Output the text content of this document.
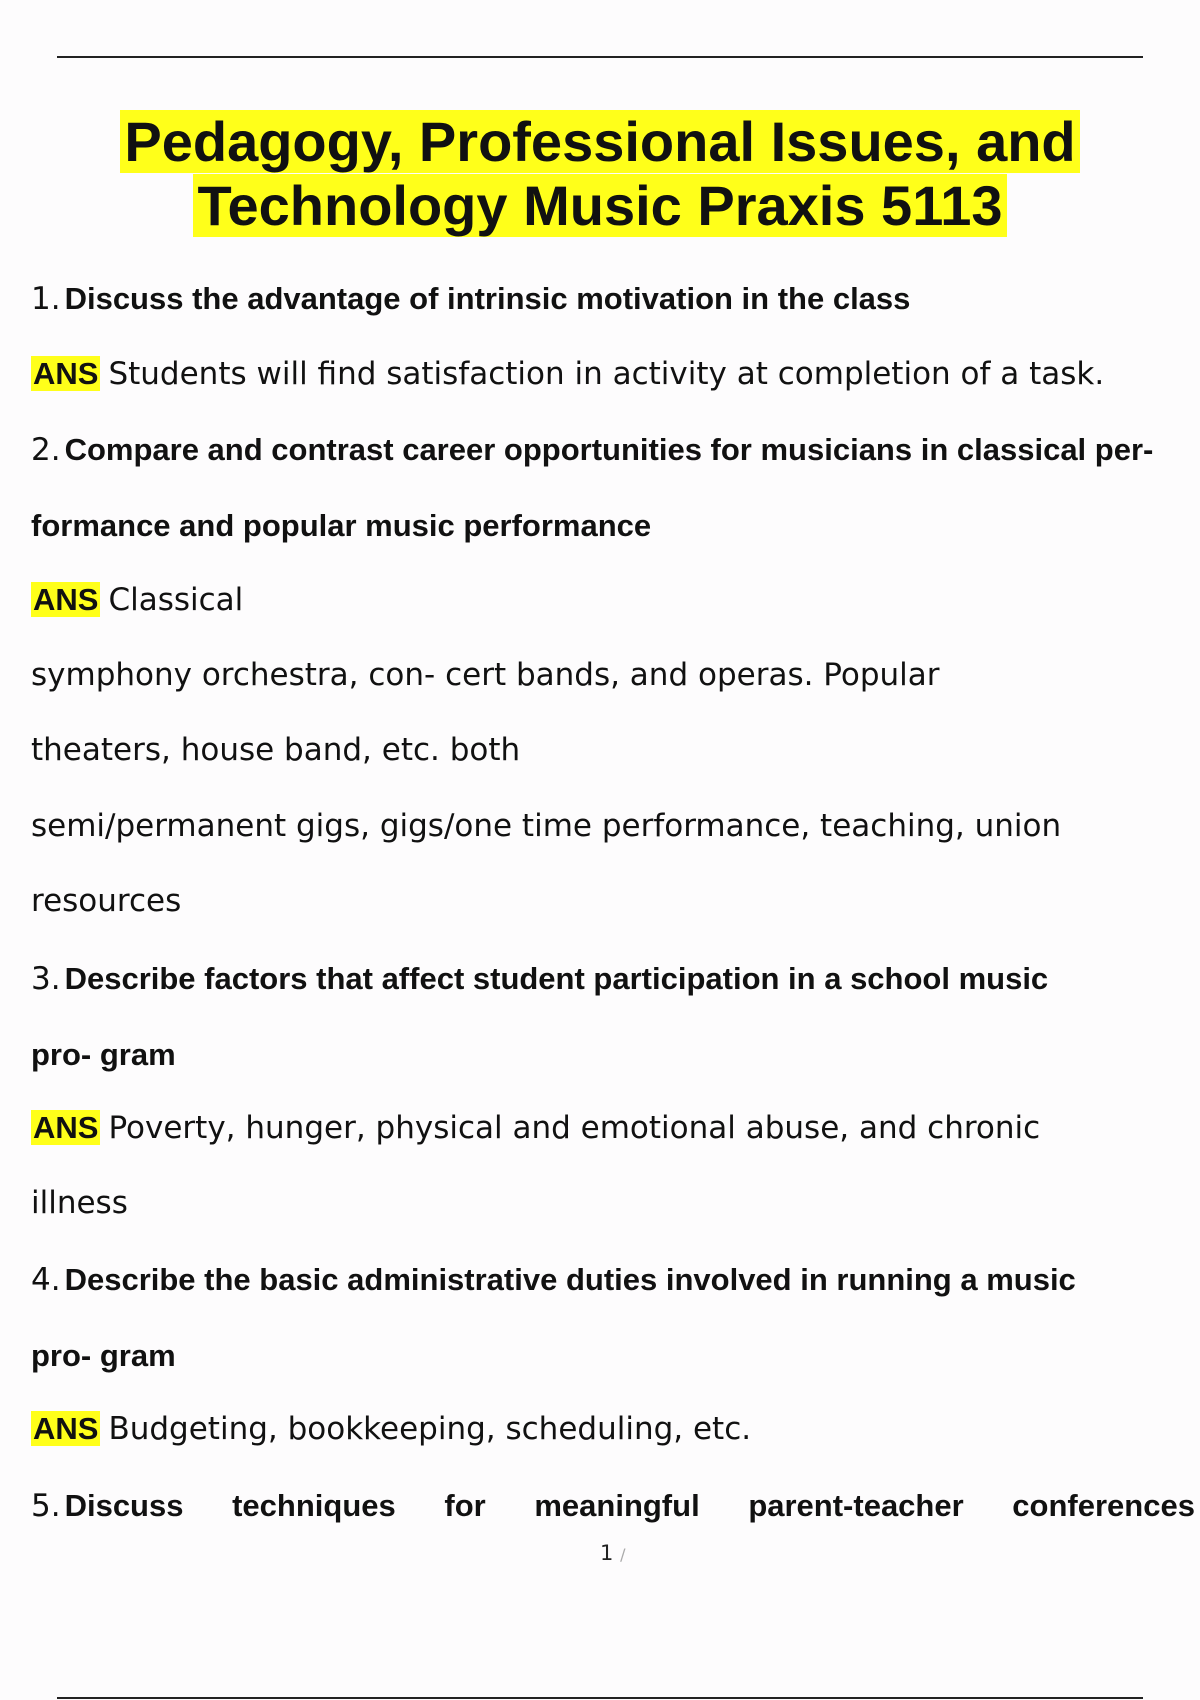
Pedagogy, Professional Issues, and
Technology Music Praxis 5113
1. Discuss the advantage of intrinsic motivation in the class
ANS Students will find satisfaction in activity at completion of a task.
2. Compare and contrast career opportunities for musicians in classical per-
formance and popular music performance
ANS Classical
symphony orchestra, con- cert bands, and operas. Popular
theaters, house band, etc. both
semi/permanent gigs, gigs/one time performance, teaching, union
resources
3. Describe factors that affect student participation in a school music
pro- gram
ANS Poverty, hunger, physical and emotional abuse, and chronic
illness
4. Describe the basic administrative duties involved in running a music
pro- gram
ANS Budgeting, bookkeeping, scheduling, etc.
5. Discuss techniques for meaningful parent-teacher conferences
1 /
